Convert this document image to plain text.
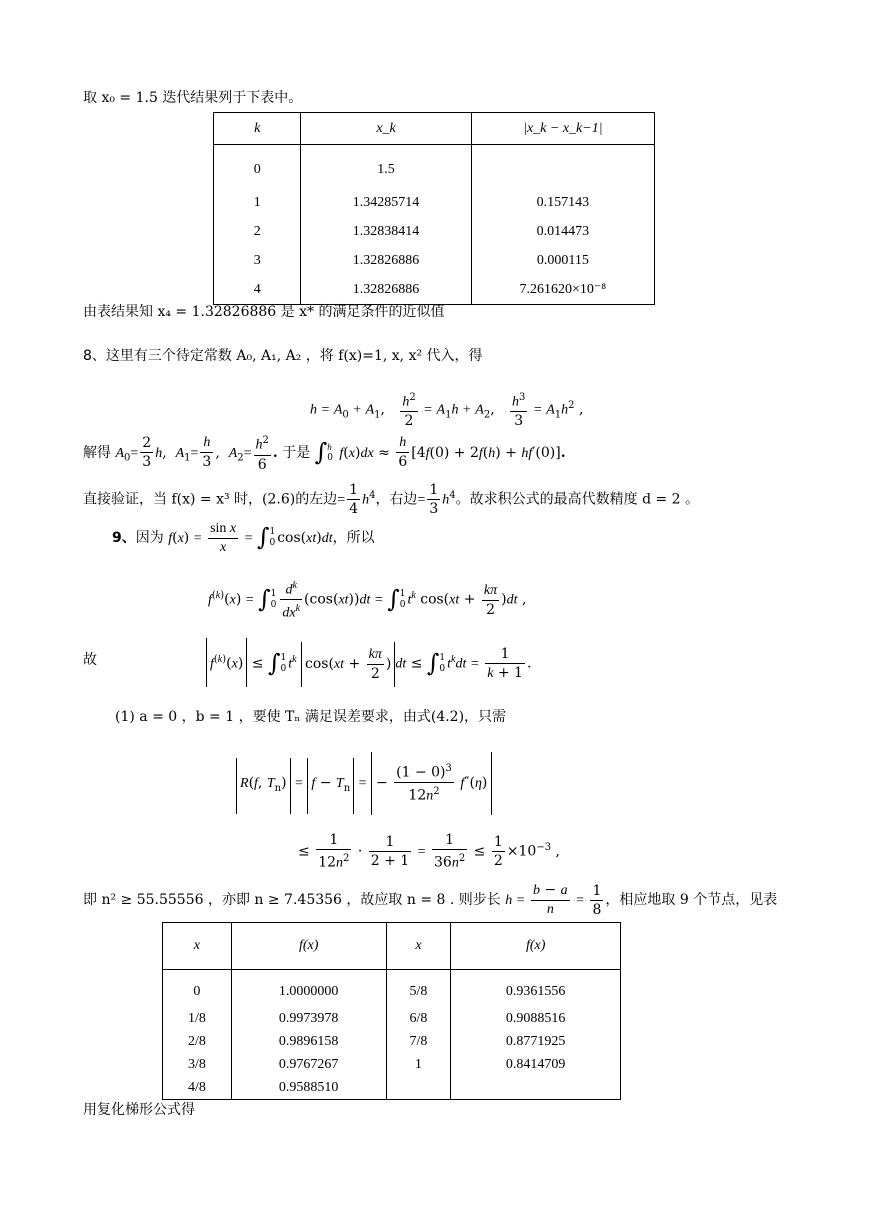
取 x₀ = 1.5 迭代结果列于下表中。
k	x_k	|x_k − x_k−1|
0	1.5	
1	1.34285714	0.157143
2	1.32838414	0.014473
3	1.32826886	0.000115
4	1.32826886	7.261620×10⁻⁸
由表结果知 x₄ = 1.32826886 是 x* 的满足条件的近似值
8、这里有三个待定常数 A₀, A₁, A₂ ，将 f(x)=1, x, x² 代入，得
$h = A_0 + A_1$, $\frac{h^2}{2} = A_1h + A_2$, $\frac{h^3}{3} = A_1h^2$ ,
解得 $A_0= \frac{2}{3} h$,  $A_1= \frac{h}{3}$ ,  $A_2= \frac{h^2}{6}$ . 于是 ∫ h
0 $f(x)dx \approx \frac{h}{6} [4f(0) + 2f(h) + hf'(0)]$.
直接验证，当 f(x) = x³ 时，(2.6)的左边= $\frac{1}{4} h^4$，右边= $\frac{1}{3} h^4$。故求积公式的最高代数精度 d = 2 。
9、因为 $f(x) = \frac{\text{sin x}}{x}$ = ∫ 1
0 cos(xt)dt，所以
$f^{(k)}(x)$ = ∫ 1
$0 \frac{d^k}{dx^k} (\cos(xt))dt$ = ∫ 1
0 $t^k$ $\cos(xt + \frac{k\pi}{2} )dt$ ,
故	$f^{(k)}(x)$ ≤ ∫ 1
0 $t^k$ $\cos(xt + \frac{k\pi}{2}$ ) dt ≤ ∫ 1
0 $t^kdt = \frac{1}{k + 1}$ .
(1) a = 0 ，b = 1 ，要使 Tₙ 满足误差要求，由式(4.2)，只需
R(f, $T_n) = f - T_n$ = − $\frac{(1 - 0)^3}{12n^2} f''(\eta)$
≤ $\frac{1}{12n^2} \cdot \frac{1}{2 + 1} = \frac{1}{36n^2} \le \frac{1}{2} \times 10^{-3}$ ,
即 n² ≥ 55.55556 ，亦即 n ≥ 7.45356 ，故应取 n = 8 . 则步长 $h = \frac{b - a}{n} = \frac{1}{8}$ ，相应地取 9 个节点，见表
x	f(x)	x	f(x)
0	1.0000000	5/8	0.9361556
1/8	0.9973978	6/8	0.9088516
2/8	0.9896158	7/8	0.8771925
3/8	0.9767267	1	0.8414709
4/8	0.9588510		
用复化梯形公式得
